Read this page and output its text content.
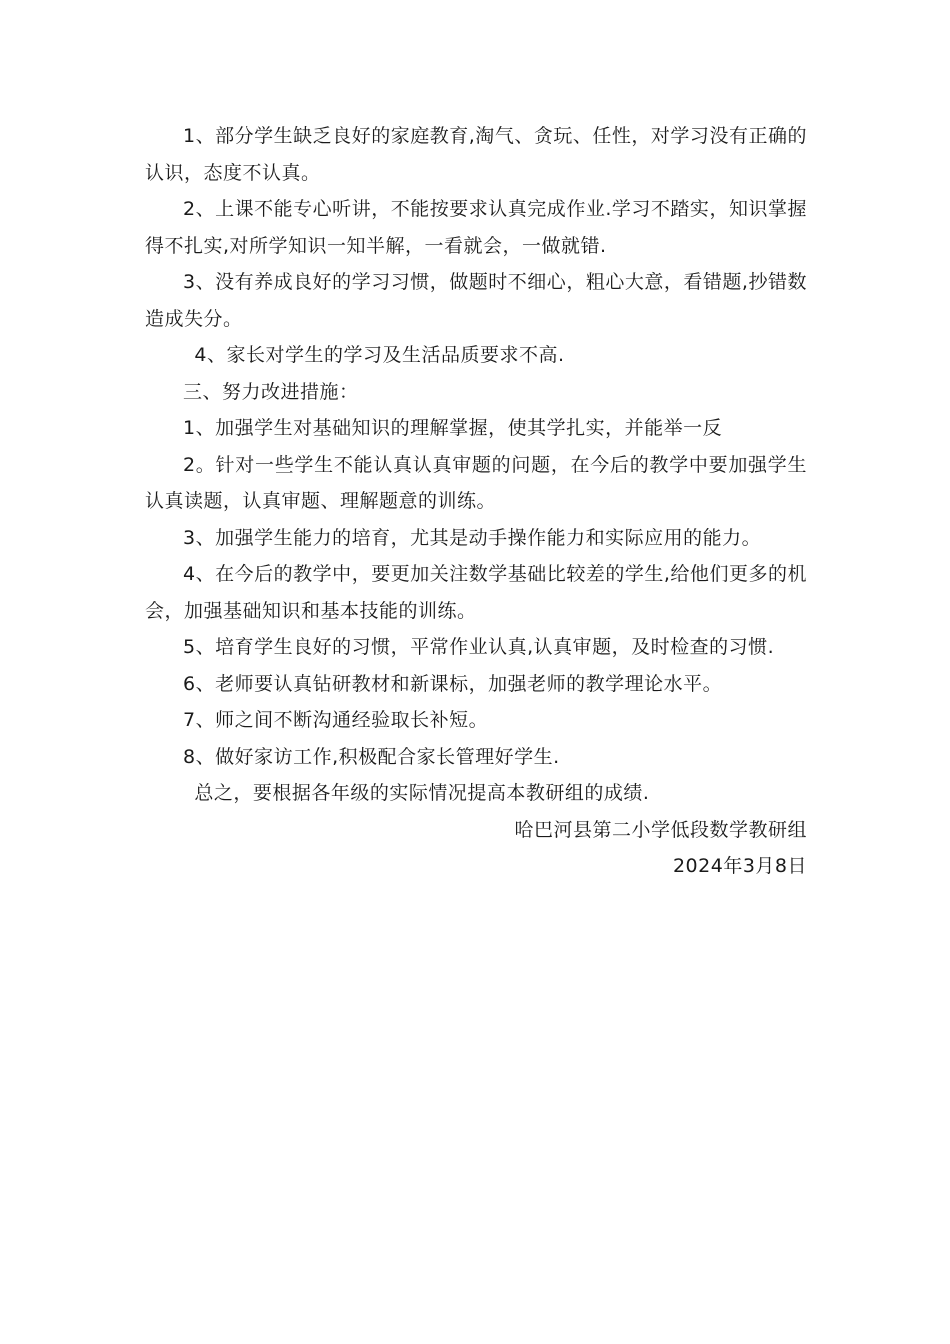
1、部分学生缺乏良好的家庭教育,淘气、贪玩、任性，对学习没有正确的认识，态度不认真。

2、上课不能专心听讲，不能按要求认真完成作业.学习不踏实，知识掌握得不扎实,对所学知识一知半解，一看就会，一做就错.

3、没有养成良好的学习习惯，做题时不细心，粗心大意，看错题,抄错数造成失分。

4、家长对学生的学习及生活品质要求不高.

三、努力改进措施：

1、加强学生对基础知识的理解掌握，使其学扎实，并能举一反

2。针对一些学生不能认真认真审题的问题，在今后的教学中要加强学生认真读题，认真审题、理解题意的训练。

3、加强学生能力的培育，尤其是动手操作能力和实际应用的能力。

4、在今后的教学中，要更加关注数学基础比较差的学生,给他们更多的机会，加强基础知识和基本技能的训练。

5、培育学生良好的习惯，平常作业认真,认真审题，及时检查的习惯.

6、老师要认真钻研教材和新课标，加强老师的教学理论水平。

7、师之间不断沟通经验取长补短。

8、做好家访工作,积极配合家长管理好学生.

总之，要根据各年级的实际情况提高本教研组的成绩.

哈巴河县第二小学低段数学教研组

2024年3月8日
